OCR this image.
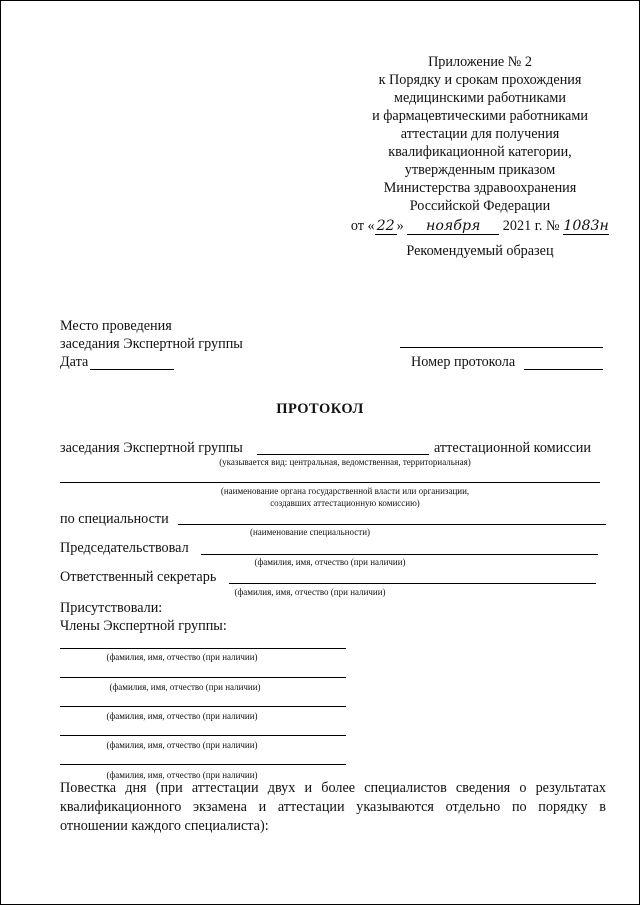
Приложение № 2
к Порядку и срокам прохождения
медицинскими работниками
и фармацевтическими работниками
аттестации для получения
квалификационной категории,
утвержденным приказом
Министерства здравоохранения
Российской Федерации
от « 22 » ноября 2021 г. № 1083н
Рекомендуемый образец
Место проведения
заседания Экспертной группы
Дата	Номер протокола
ПРОТОКОЛ
заседания Экспертной группы	аттестационной комиссии
(указывается вид: центральная, ведомственная, территориальная)
(наименование органа государственной власти или организации,
создавших аттестационную комиссию)
по специальности
(наименование специальности)
Председательствовал
(фамилия, имя, отчество (при наличии)
Ответственный секретарь
(фамилия, имя, отчество (при наличии)
Присутствовали:
Члены Экспертной группы:
(фамилия, имя, отчество (при наличии)
(фамилия, имя, отчество (при наличии)
(фамилия, имя, отчество (при наличии)
(фамилия, имя, отчество (при наличии)
(фамилия, имя, отчество (при наличии)
Повестка дня (при аттестации двух и более специалистов сведения о результатах квалификационного экзамена и аттестации указываются отдельно по порядку в отношении каждого специалиста):
